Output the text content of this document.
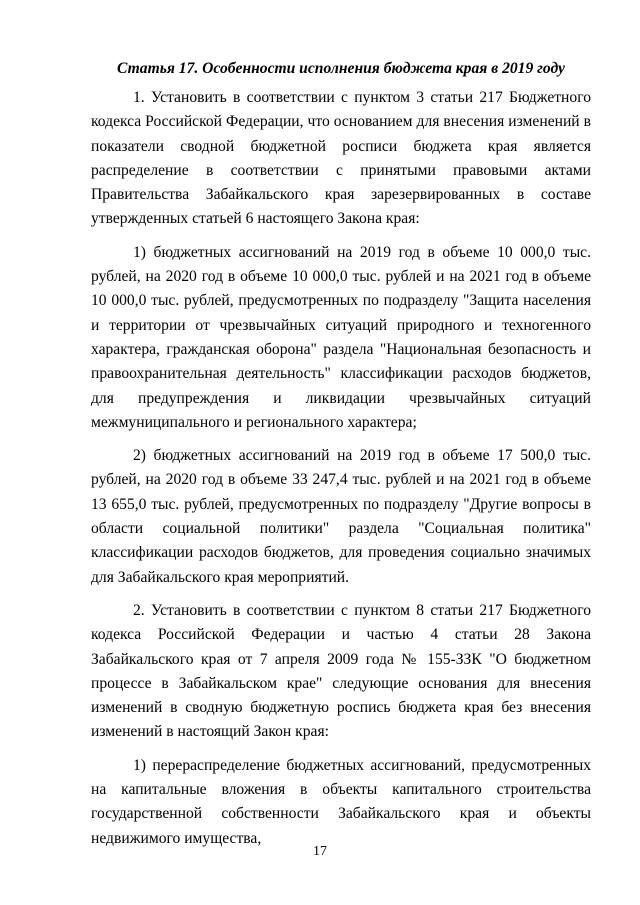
Статья 17. Особенности исполнения бюджета края в 2019 году

1. Установить в соответствии с пунктом 3 статьи 217 Бюджетного кодекса Российской Федерации, что основанием для внесения изменений в показатели сводной бюджетной росписи бюджета края является распределение в соответствии с принятыми правовыми актами Правительства Забайкальского края зарезервированных в составе утвержденных статьей 6 настоящего Закона края:

1) бюджетных ассигнований на 2019 год в объеме 10 000,0 тыс. рублей, на 2020 год в объеме 10 000,0 тыс. рублей и на 2021 год в объеме 10 000,0 тыс. рублей, предусмотренных по подразделу "Защита населения и территории от чрезвычайных ситуаций природного и техногенного характера, гражданская оборона" раздела "Национальная безопасность и правоохранительная деятельность" классификации расходов бюджетов, для предупреждения и ликвидации чрезвычайных ситуаций межмуниципального и регионального характера;

2) бюджетных ассигнований на 2019 год в объеме 17 500,0 тыс. рублей, на 2020 год в объеме 33 247,4 тыс. рублей и на 2021 год в объеме 13 655,0 тыс. рублей, предусмотренных по подразделу "Другие вопросы в области социальной политики" раздела "Социальная политика" классификации расходов бюджетов, для проведения социально значимых для Забайкальского края мероприятий.

2. Установить в соответствии с пунктом 8 статьи 217 Бюджетного кодекса Российской Федерации и частью 4 статьи 28 Закона Забайкальского края от 7 апреля 2009 года № 155-ЗЗК "О бюджетном процессе в Забайкальском крае" следующие основания для внесения изменений в сводную бюджетную роспись бюджета края без внесения изменений в настоящий Закон края:

1) перераспределение бюджетных ассигнований, предусмотренных на капитальные вложения в объекты капитального строительства государственной собственности Забайкальского края и объекты недвижимого имущества,

17
